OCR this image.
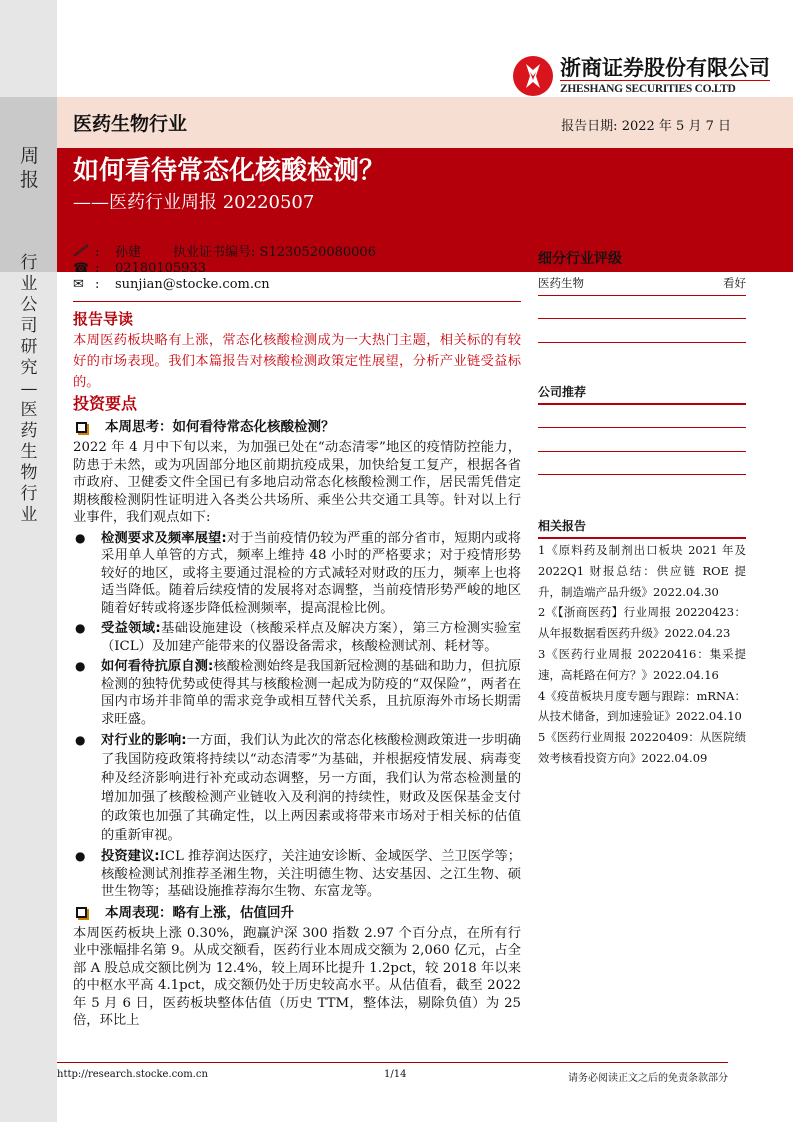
周报
行业公司研究—医药生物行业
浙商证券股份有限公司
ZHESHANG SECURITIES CO.LTD
医药生物行业	报告日期: 2022 年 5 月 7 日
如何看待常态化核酸检测？
——医药行业周报 20220507
:	孙建 执业证书编号:
S1230520080006
☎ :	02180105933
✉ :	sunjian@stocke.com.cn
报告导读

本周医药板块略有上涨，常态化核酸检测成为一大热门主题，相关标的有较好的市场表现。我们本篇报告对核酸检测政策定性展望，分析产业链受益标的。

投资要点
本周思考：如何看待常态化核酸检测？

2022 年 4 月中下旬以来，为加强已处在“动态清零”地区的疫情防控能力，防患于未然，或为巩固部分地区前期抗疫成果，加快给复工复产，根据各省市政府、卫健委文件全国已有多地启动常态化核酸检测工作，居民需凭借定期核酸检测阴性证明进入各类公共场所、乘坐公共交通工具等。针对以上行业事件，我们观点如下:

●	检测要求及频率展望:对于当前疫情仍较为严重的部分省市，短期内或将采用单人单管的方式，频率上维持 48 小时的严格要求；对于疫情形势较好的地区，或将主要通过混检的方式减轻对财政的压力，频率上也将适当降低。随着后续疫情的发展将对态调整，当前疫情形势严峻的地区随着好转或将逐步降低检测频率，提高混检比例。
●	受益领域:基础设施建设（核酸采样点及解决方案），第三方检测实验室（ICL）及加建产能带来的仪器设备需求，核酸检测试剂、耗材等。
●	如何看待抗原自测:核酸检测始终是我国新冠检测的基础和助力，但抗原检测的独特优势或使得其与核酸检测一起成为防疫的“双保险”，两者在国内市场并非简单的需求竞争或相互替代关系，且抗原海外市场长期需求旺盛。
●	对行业的影响:一方面，我们认为此次的常态化核酸检测政策进一步明确了我国防疫政策将持续以“动态清零”为基础，并根据疫情发展、病毒变种及经济影响进行补充或动态调整，另一方面，我们认为常态检测量的增加加强了核酸检测产业链收入及利润的持续性，财政及医保基金支付的政策也加强了其确定性，以上两因素或将带来市场对于相关标的估值的重新审视。
●	投资建议:ICL 推荐润达医疗，关注迪安诊断、金域医学、兰卫医学等；核酸检测试剂推荐圣湘生物，关注明德生物、达安基因、之江生物、硕世生物等；基础设施推荐海尔生物、东富龙等。
本周表现：略有上涨，估值回升

本周医药板块上涨 0.30%，跑赢沪深 300 指数 2.97 个百分点，在所有行业中涨幅排名第 9。从成交额看，医药行业本周成交额为 2,060 亿元，占全部 A 股总成交额比例为 12.4%，较上周环比提升 1.2pct，较 2018 年以来的中枢水平高 4.1pct，成交额仍处于历史较高水平。从估值看，截至 2022 年 5 月 6 日，医药板块整体估值（历史 TTM，整体法，剔除负值）为 25 倍，环比上

细分行业评级
医药生物	看好
公司推荐
相关报告
1《原料药及制剂出口板块 2021 年及2022Q1 财报总结：供应链 ROE 提升，制造端产品升级》2022.04.30
2《【浙商医药】行业周报 20220423：从年报数据看医药升级》2022.04.23
3《医药行业周报 20220416：集采提速，高耗路在何方？》2022.04.16
4《疫苗板块月度专题与跟踪：mRNA：从技术储备，到加速验证》2022.04.10
5《医药行业周报 20220409：从医院绩效考核看投资方向》2022.04.09
http://research.stocke.com.cn	1/14	请务必阅读正文之后的免责条款部分
